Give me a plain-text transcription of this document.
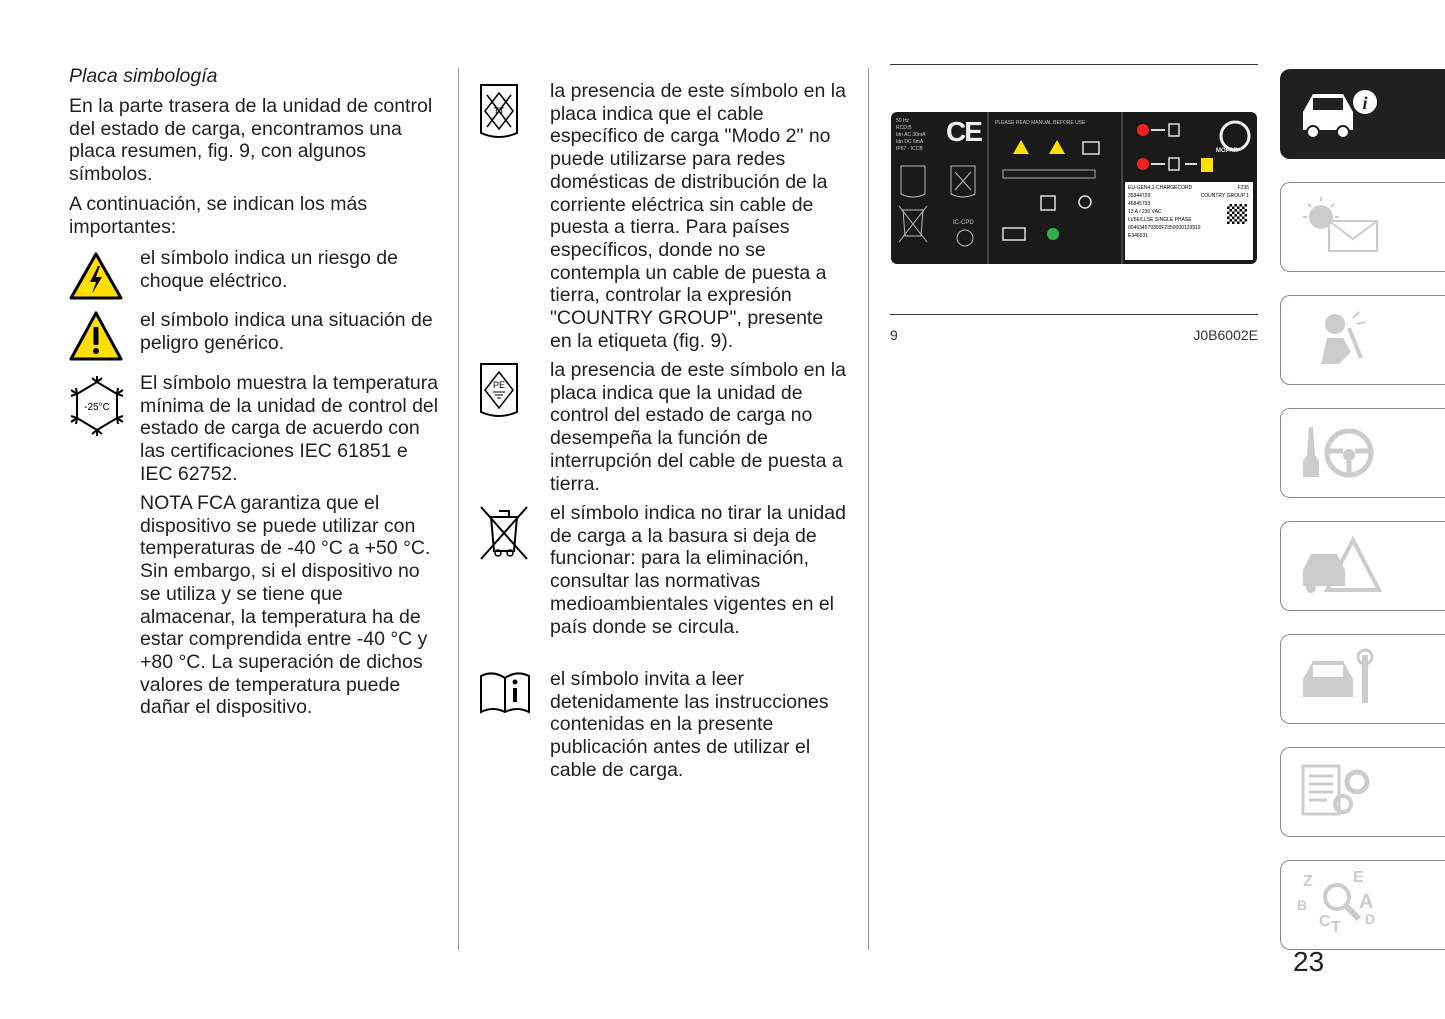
Placa simbología

En la parte trasera de la unidad de control del estado de carga, encontramos una placa resumen, fig. 9, con algunos símbolos.

A continuación, se indican los más importantes:

el símbolo indica un riesgo de choque eléctrico.

el símbolo indica una situación de peligro genérico.

-25°C

El símbolo muestra la temperatura mínima de la unidad de control del estado de carga de acuerdo con las certificaciones IEC 61851 e IEC 62752.

NOTA FCA garantiza que el dispositivo se puede utilizar con temperaturas de -40 °C a +50 °C. Sin embargo, si el dispositivo no se utiliza y se tiene que almacenar, la temperatura ha de estar comprendida entre -40 °C y +80 °C. La superación de dichos valores de temperatura puede dañar el dispositivo.

TT

la presencia de este símbolo en la placa indica que el cable específico de carga "Modo 2" no puede utilizarse para redes domésticas de distribución de la corriente eléctrica sin cable de puesta a tierra. Para países específicos, donde no se contempla un cable de puesta a tierra, controlar la expresión "COUNTRY GROUP", presente en la etiqueta (fig. 9).

PE

la presencia de este símbolo en la placa indica que la unidad de control del estado de carga no desempeña la función de interrupción del cable de puesta a tierra.

el símbolo indica no tirar la unidad de carga a la basura si deja de funcionar: para la eliminación, consultar las normativas medioambientales vigentes en el país donde se circula.

el símbolo invita a leer detenidamente las instrucciones contenidas en la presente publicación antes de utilizar el cable de carga.

50 Hz
RCD:B
Idn AC 30mA
Idn DC 6mA
IP67 - ICCB
CE
IC-CPD
PLEASE READ MANUAL BEFORE USE
MOPAR
EU-GEN4.1-CHARGECORD
35344729
46845793
13 A / 230 VAC
LV5E/LLSE SINGLE PHASE
004634579300F2350000129919
E346031
F235
COUNTRY GROUP 1
9	J0B6002E
i
Z	E
B	A
C T D
23
